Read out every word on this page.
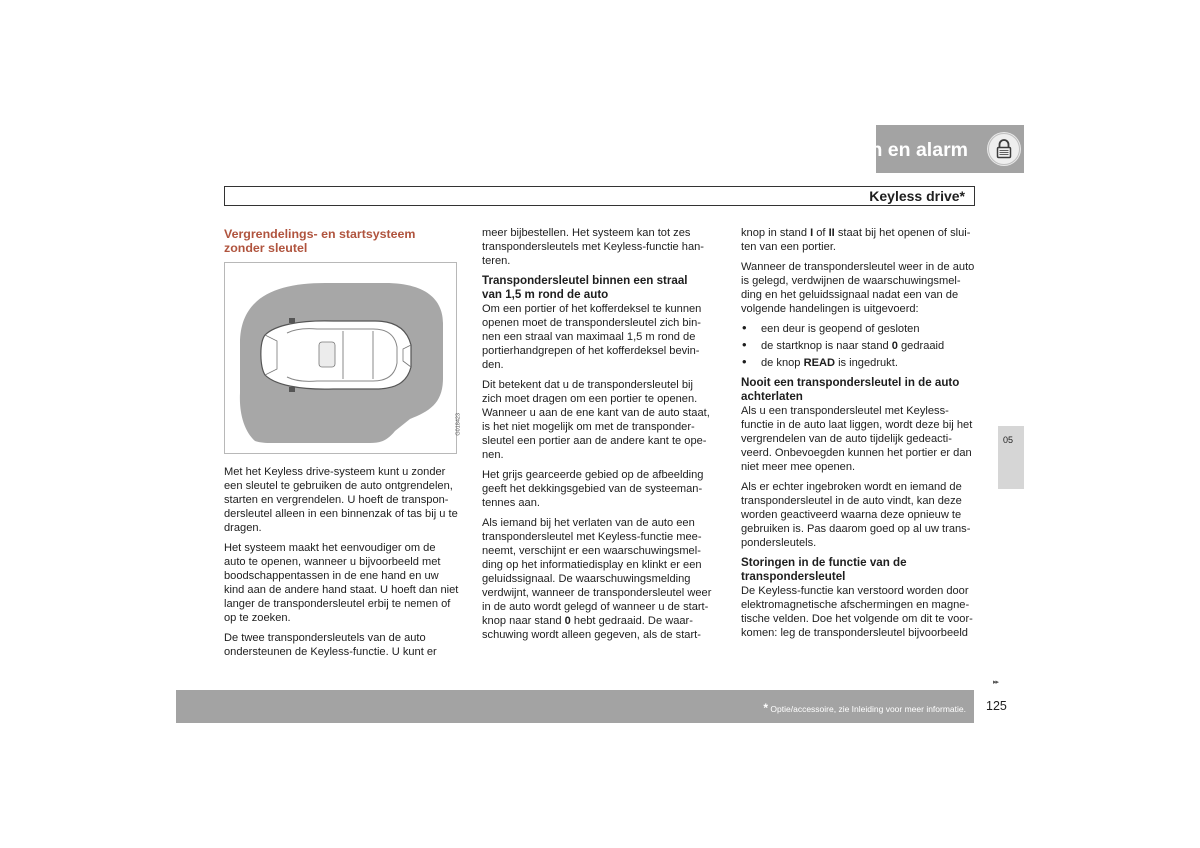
05 Sloten en alarm
Keyless drive*
Vergrendelings- en startsysteem
zonder sleutel
G018423

Met het Keyless drive-systeem kunt u zonder
een sleutel te gebruiken de auto ontgrendelen,
starten en vergrendelen. U hoeft de transpon-
dersleutel alleen in een binnenzak of tas bij u te
dragen.

Het systeem maakt het eenvoudiger om de
auto te openen, wanneer u bijvoorbeeld met
boodschappentassen in de ene hand en uw
kind aan de andere hand staat. U hoeft dan niet
langer de transpondersleutel erbij te nemen of
op te zoeken.

De twee transpondersleutels van de auto
ondersteunen de Keyless-functie. U kunt er

meer bijbestellen. Het systeem kan tot zes
transpondersleutels met Keyless-functie han-
teren.

Transpondersleutel binnen een straal
van 1,5 m rond de auto

Om een portier of het kofferdeksel te kunnen
openen moet de transpondersleutel zich bin-
nen een straal van maximaal 1,5 m rond de
portierhandgrepen of het kofferdeksel bevin-
den.

Dit betekent dat u de transpondersleutel bij
zich moet dragen om een portier te openen.
Wanneer u aan de ene kant van de auto staat,
is het niet mogelijk om met de transponder-
sleutel een portier aan de andere kant te ope-
nen.

Het grijs gearceerde gebied op de afbeelding
geeft het dekkingsgebied van de systeeman-
tennes aan.

Als iemand bij het verlaten van de auto een
transpondersleutel met Keyless-functie mee-
neemt, verschijnt er een waarschuwingsmel-
ding op het informatiedisplay en klinkt er een
geluidssignaal. De waarschuwingsmelding
verdwijnt, wanneer de transpondersleutel weer
in de auto wordt gelegd of wanneer u de start-
knop naar stand 0 hebt gedraaid. De waar-
schuwing wordt alleen gegeven, als de start-

knop in stand I of II staat bij het openen of slui-
ten van een portier.

Wanneer de transpondersleutel weer in de auto
is gelegd, verdwijnen de waarschuwingsmel-
ding en het geluidssignaal nadat een van de
volgende handelingen is uitgevoerd:

• een deur is geopend of gesloten
• de startknop is naar stand 0 gedraaid
• de knop READ is ingedrukt.
Nooit een transpondersleutel in de auto
achterlaten

Als u een transpondersleutel met Keyless-
functie in de auto laat liggen, wordt deze bij het
vergrendelen van de auto tijdelijk gedeacti-
veerd. Onbevoegden kunnen het portier er dan
niet meer mee openen.

Als er echter ingebroken wordt en iemand de
transpondersleutel in de auto vindt, kan deze
worden geactiveerd waarna deze opnieuw te
gebruiken is. Pas daarom goed op al uw trans-
pondersleutels.

Storingen in de functie van de
transpondersleutel

De Keyless-functie kan verstoord worden door
elektromagnetische afschermingen en magne-
tische velden. Doe het volgende om dit te voor-
komen: leg de transpondersleutel bijvoorbeeld

05
▸▸
* Optie/accessoire, zie Inleiding voor meer informatie. 125
